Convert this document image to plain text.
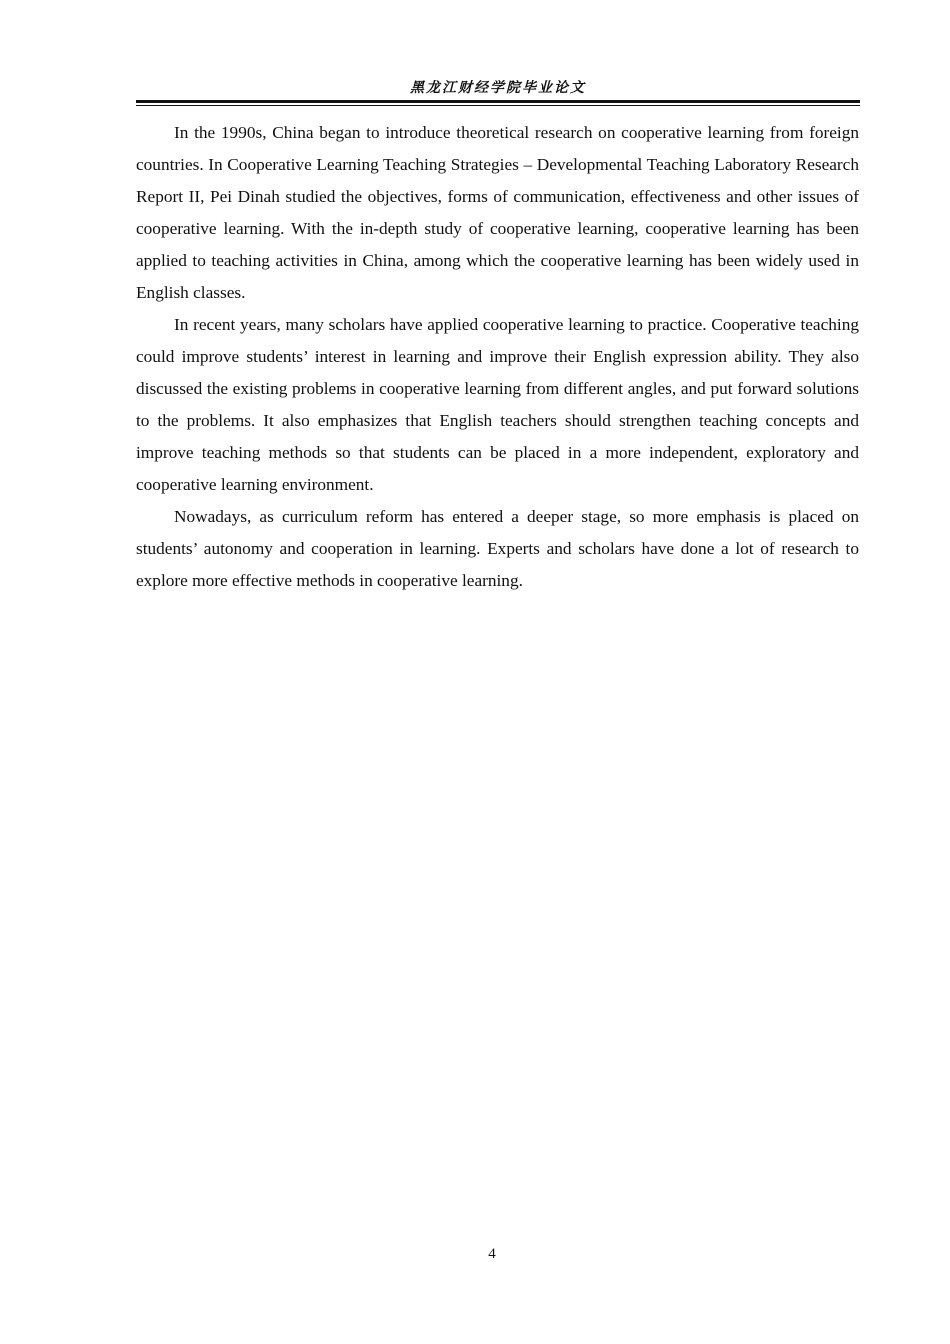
黑龙江财经学院毕业论文

In the 1990s, China began to introduce theoretical research on cooperative learning from foreign countries. In Cooperative Learning Teaching Strategies – Developmental Teaching Laboratory Research Report II, Pei Dinah studied the objectives, forms of communication, effectiveness and other issues of cooperative learning. With the in-depth study of cooperative learning, cooperative learning has been applied to teaching activities in China, among which the cooperative learning has been widely used in English classes.

In recent years, many scholars have applied cooperative learning to practice. Cooperative teaching could improve students’ interest in learning and improve their English expression ability. They also discussed the existing problems in cooperative learning from different angles, and put forward solutions to the problems. It also emphasizes that English teachers should strengthen teaching concepts and improve teaching methods so that students can be placed in a more independent, exploratory and cooperative learning environment.

Nowadays, as curriculum reform has entered a deeper stage, so more emphasis is placed on students’ autonomy and cooperation in learning. Experts and scholars have done a lot of research to explore more effective methods in cooperative learning.

4
